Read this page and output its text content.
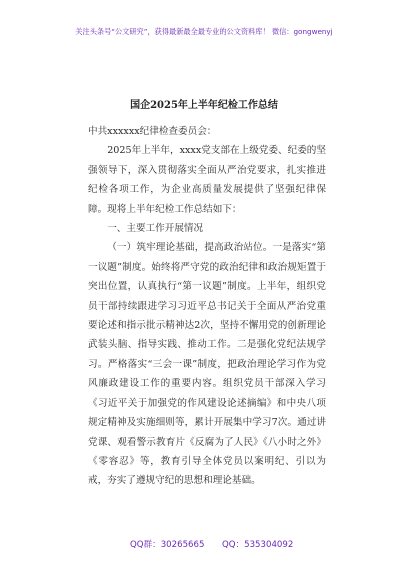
关注头条号“公文研究”，获得最新最全最专业的公文资料库！ 微信：gongwenyj
国企2025年上半年纪检工作总结

中共xxxxxx纪律检查委员会：

2025年上半年，xxxx党支部在上级党委、纪委的坚强领导下，深入贯彻落实全面从严治党要求，扎实推进纪检各项工作，为企业高质量发展提供了坚强纪律保障。现将上半年纪检工作总结如下：

一、主要工作开展情况

（一）筑牢理论基础，提高政治站位。一是落实“第一议题”制度。始终将严守党的政治纪律和政治规矩置于突出位置，认真执行“第一议题”制度。上半年，组织党员干部持续跟进学习习近平总书记关于全面从严治党重要论述和指示批示精神达2次，坚持不懈用党的创新理论武装头脑、指导实践、推动工作。二是强化党纪法规学习。严格落实“三会一课”制度，把政治理论学习作为党风廉政建设工作的重要内容。组织党员干部深入学习《习近平关于加强党的作风建设论述摘编》和中央八项规定精神及实施细则等，累计开展集中学习7次。通过讲党课、观看警示教育片《反腐为了人民》《八小时之外》《零容忍》等，教育引导全体党员以案明纪、引以为戒，夯实了遵规守纪的思想和理论基础。

QQ群：30265665 QQ：535304092
